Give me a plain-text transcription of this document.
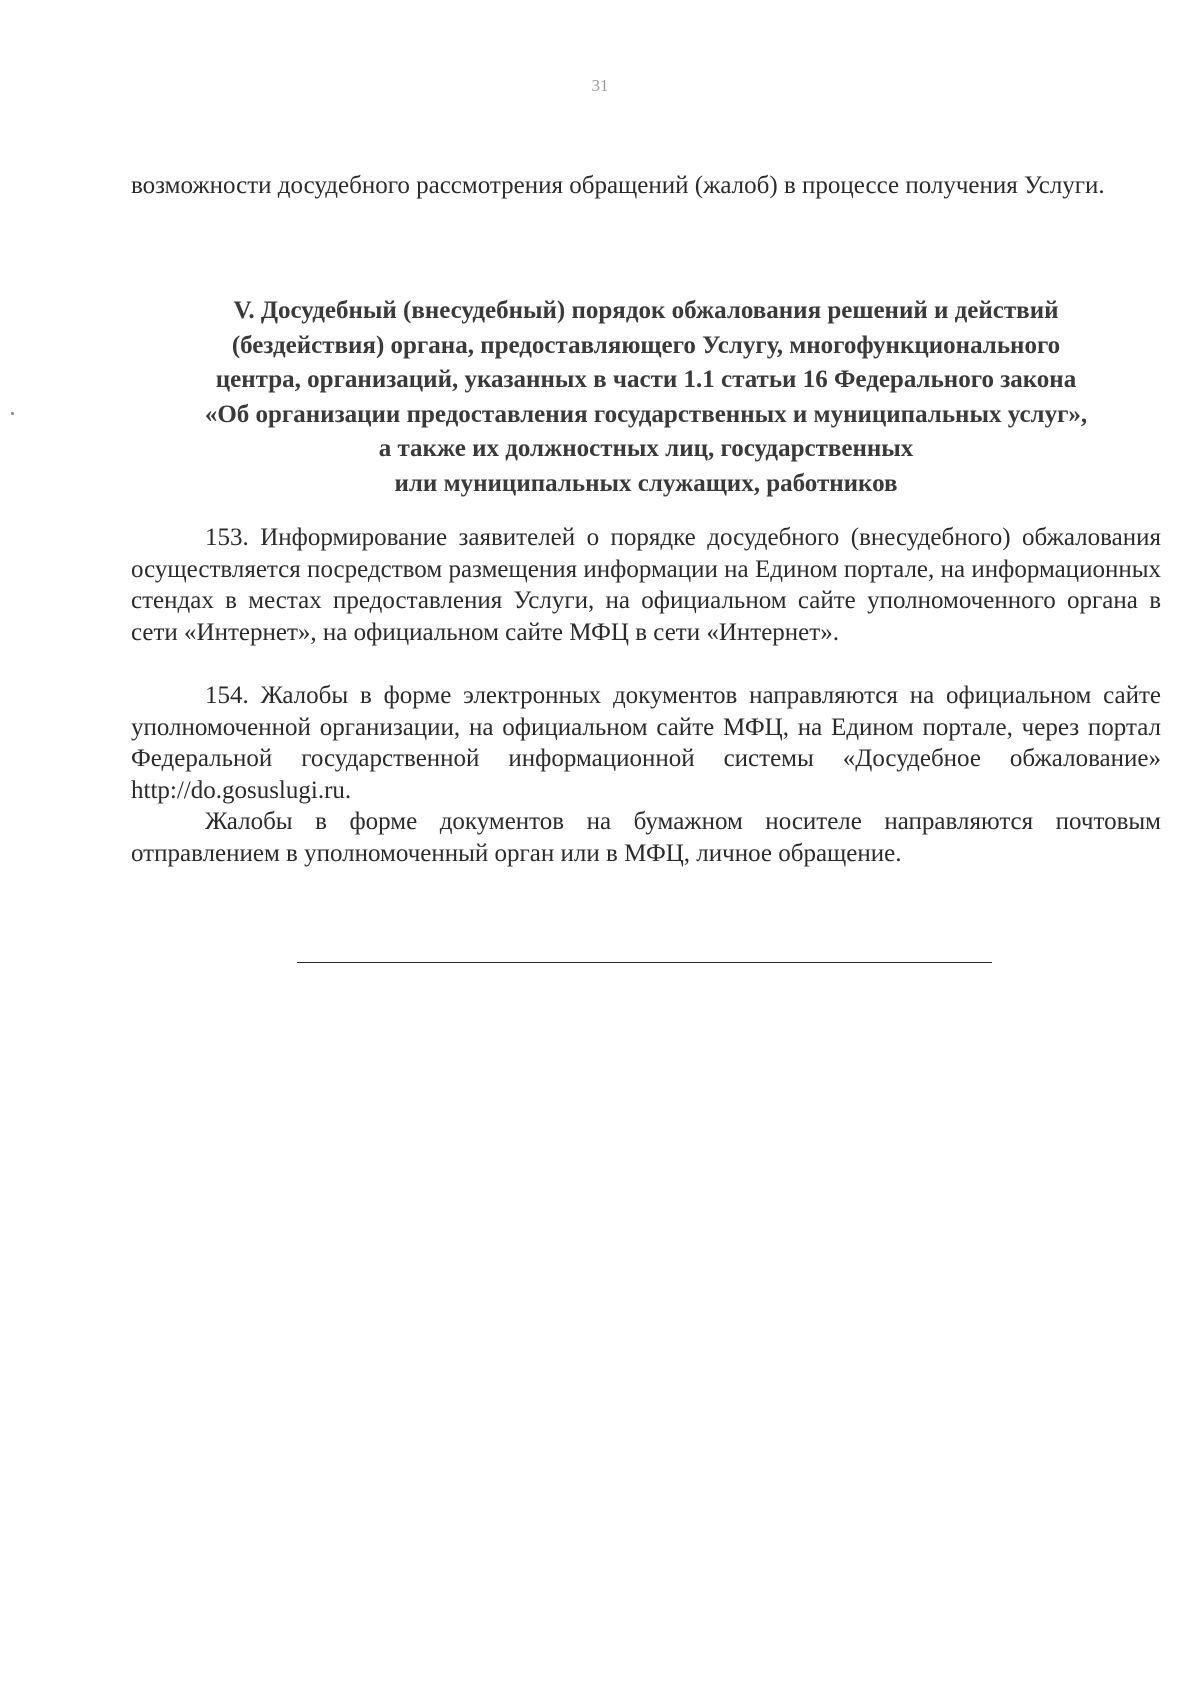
31

возможности досудебного рассмотрения обращений (жалоб) в процессе получения Услуги.

V. Досудебный (внесудебный) порядок обжалования решений и действий
(бездействия) органа, предоставляющего Услугу, многофункционального
центра, организаций, указанных в части 1.1 статьи 16 Федерального закона
«Об организации предоставления государственных и муниципальных услуг»,
а также их должностных лиц, государственных
или муниципальных служащих, работников

153. Информирование заявителей о порядке досудебного (внесудебного) обжалования осуществляется посредством размещения информации на Едином портале, на информационных стендах в местах предоставления Услуги, на официальном сайте уполномоченного органа в сети «Интернет», на официальном сайте МФЦ в сети «Интернет».

154. Жалобы в форме электронных документов направляются на официальном сайте уполномоченной организации, на официальном сайте МФЦ, на Едином портале, через портал Федеральной государственной информационной системы «Досудебное обжалование» http://do.gosuslugi.ru.

Жалобы в форме документов на бумажном носителе направляются почтовым отправлением в уполномоченный орган или в МФЦ, личное обращение.
